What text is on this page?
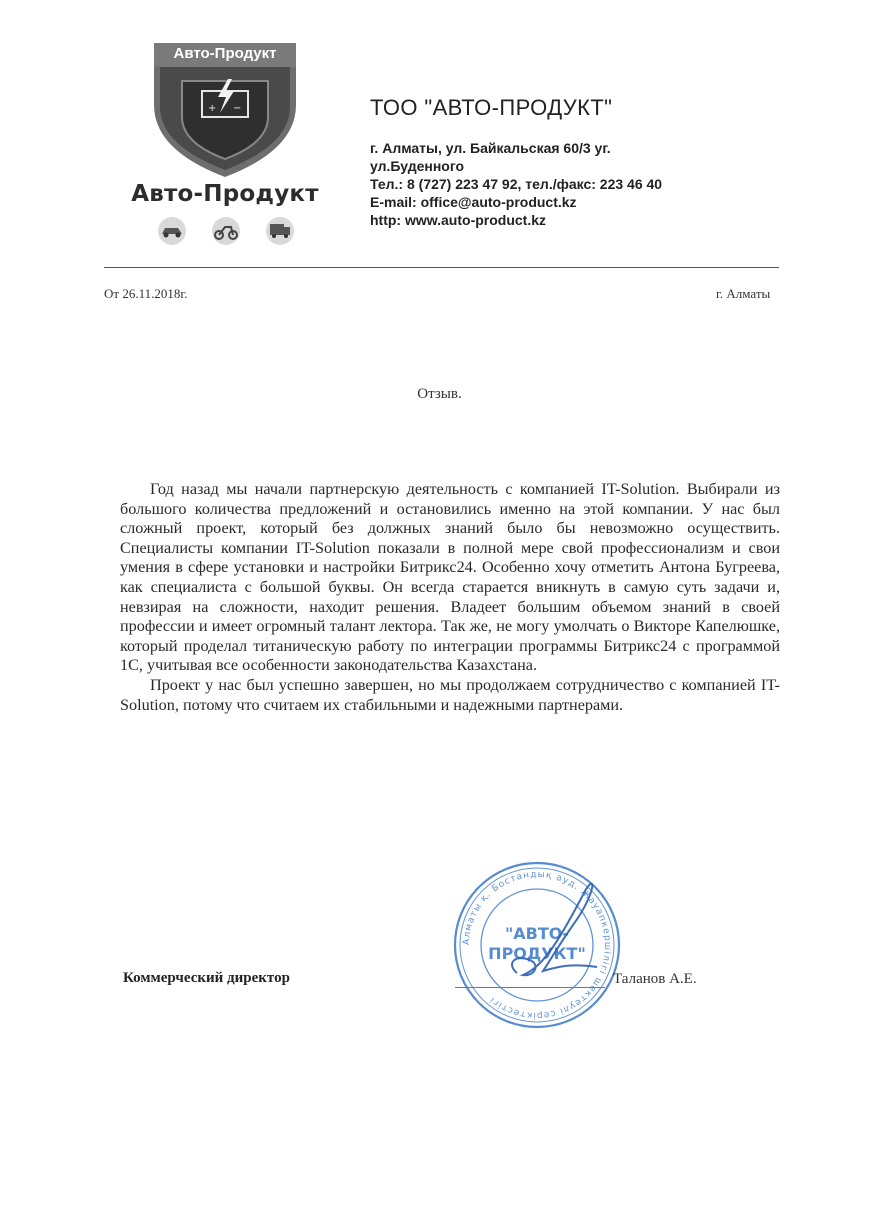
+ −
Авто-Продукт
Авто-Продукт
ТОО "АВТО-ПРОДУКТ"
г. Алматы, ул. Байкальская 60/3 уг.
ул.Буденного
Тел.: 8 (727) 223 47 92, тел./факс: 223 46 40
E-mail: office@auto-product.kz
http: www.auto-product.kz
От 26.11.2018г.	г. Алматы
Отзыв.

Год назад мы начали партнерскую деятельность с компанией IT-Solution. Выбирали из большого количества предложений и остановились именно на этой компании. У нас был сложный проект, который без должных знаний было бы невозможно осуществить. Специалисты компании IT-Solution показали в полной мере свой профессионализм и свои умения в сфере установки и настройки Битрикс24. Особенно хочу отметить Антона Бугреева, как специалиста с большой буквы. Он всегда старается вникнуть в самую суть задачи и, невзирая на сложности, находит решения. Владеет большим объемом знаний в своей профессии и имеет огромный талант лектора. Так же, не могу умолчать о Викторе Капелюшке, который проделал титаническую работу по интеграции программы Битрикс24 с программой 1С, учитывая все особенности законодательства Казахстана.

Проект у нас был успешно завершен, но мы продолжаем сотрудничество с компанией IT-Solution, потому что считаем их стабильными и надежными партнерами.

Алматы қ. Бостандық ауд. Жауапкершілігі шектеулі серіктестігі
"АВТО-
ПРОДУКТ"
Коммерческий директор	Таланов А.Е.
